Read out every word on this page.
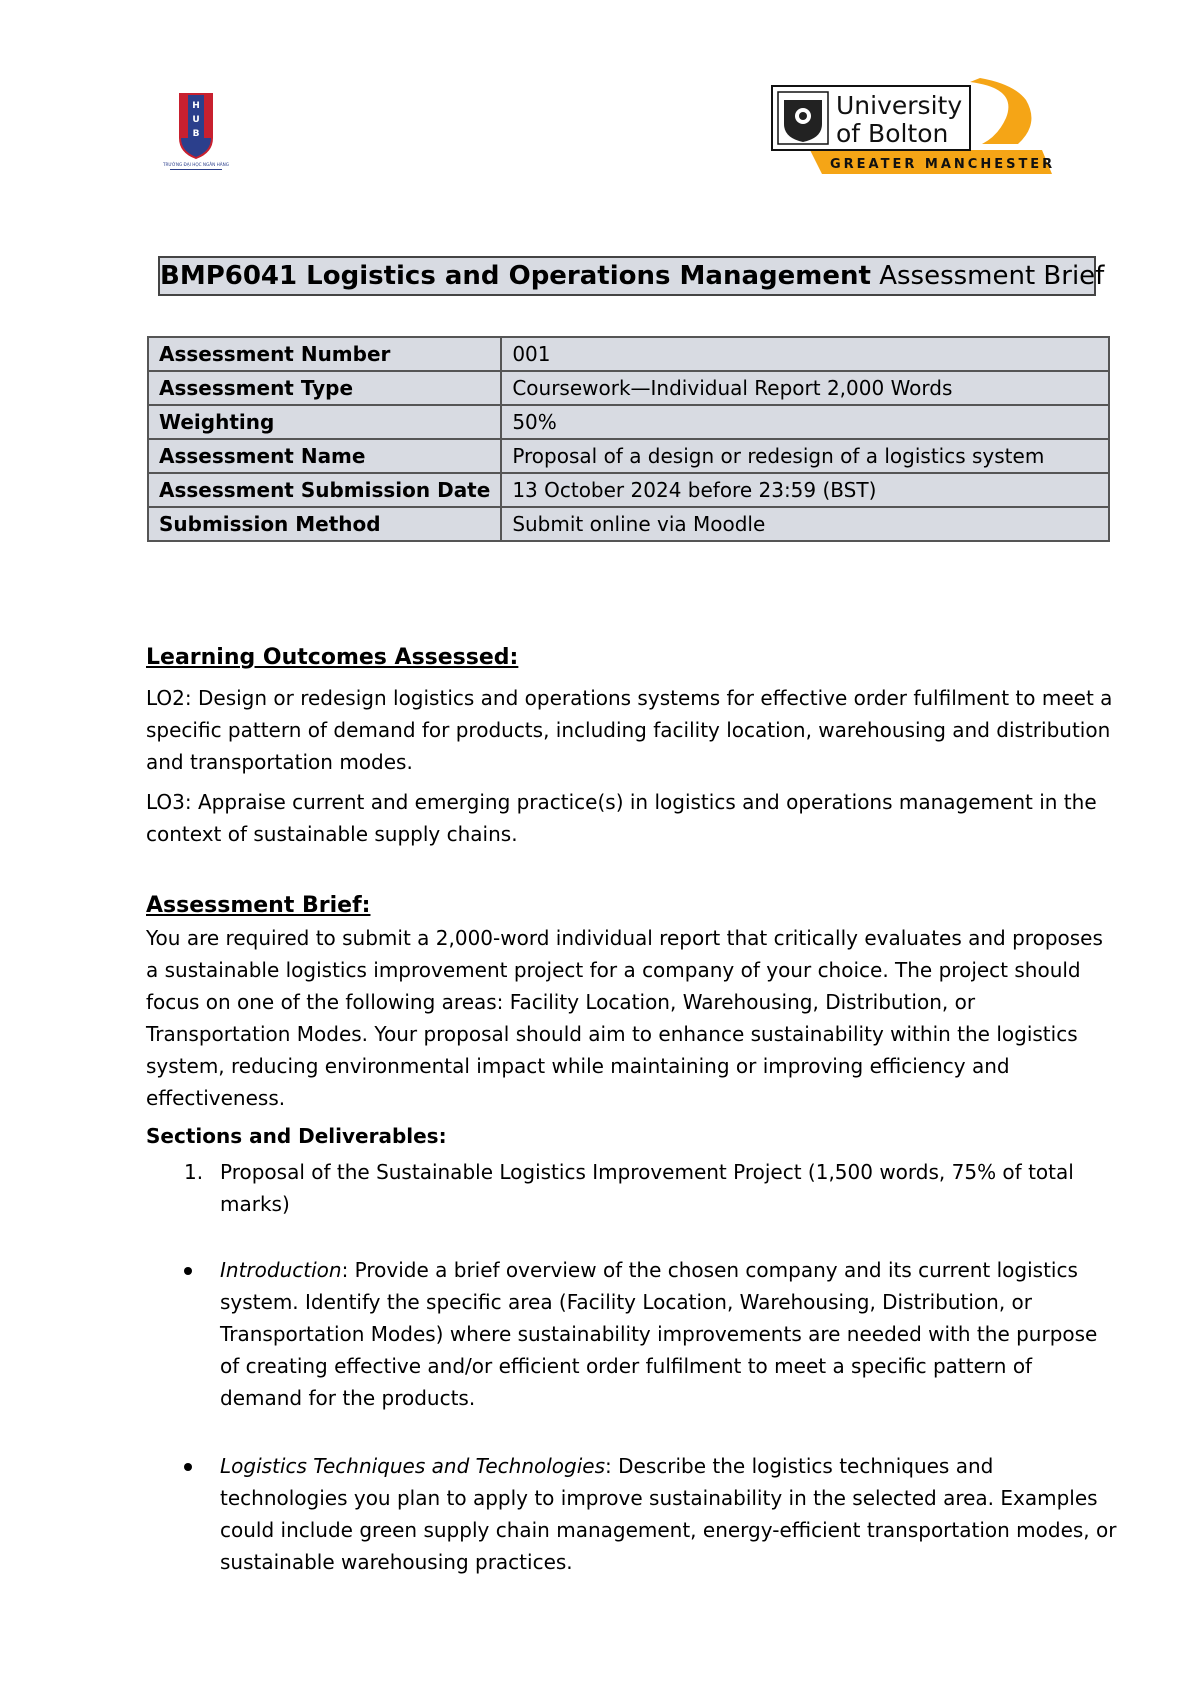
H
U
B
TRƯỜNG ĐẠI HỌC NGÂN HÀNG
University
of Bolton
GREATER MANCHESTER
BMP6041 Logistics and Operations Management Assessment Brief
Assessment Number	001
Assessment Type	Coursework—Individual Report 2,000 Words
Weighting	50%
Assessment Name	Proposal of a design or redesign of a logistics system
Assessment Submission Date	13 October 2024 before 23:59 (BST)
Submission Method	Submit online via Moodle

Learning Outcomes Assessed:

LO2: Design or redesign logistics and operations systems for effective order fulfilment to meet a specific pattern of demand for products, including facility location, warehousing and distribution and transportation modes.

LO3: Appraise current and emerging practice(s) in logistics and operations management in the context of sustainable supply chains.

Assessment Brief:

You are required to submit a 2,000-word individual report that critically evaluates and proposes a sustainable logistics improvement project for a company of your choice. The project should focus on one of the following areas: Facility Location, Warehousing, Distribution, or Transportation Modes. Your proposal should aim to enhance sustainability within the logistics system, reducing environmental impact while maintaining or improving efficiency and effectiveness.

Sections and Deliverables:

1. Proposal of the Sustainable Logistics Improvement Project (1,500 words, 75% of total marks)
Introduction: Provide a brief overview of the chosen company and its current logistics system. Identify the specific area (Facility Location, Warehousing, Distribution, or Transportation Modes) where sustainability improvements are needed with the purpose of creating effective and/or efficient order fulfilment to meet a specific pattern of demand for the products.
Logistics Techniques and Technologies: Describe the logistics techniques and technologies you plan to apply to improve sustainability in the selected area. Examples could include green supply chain management, energy-efficient transportation modes, or sustainable warehousing practices.
